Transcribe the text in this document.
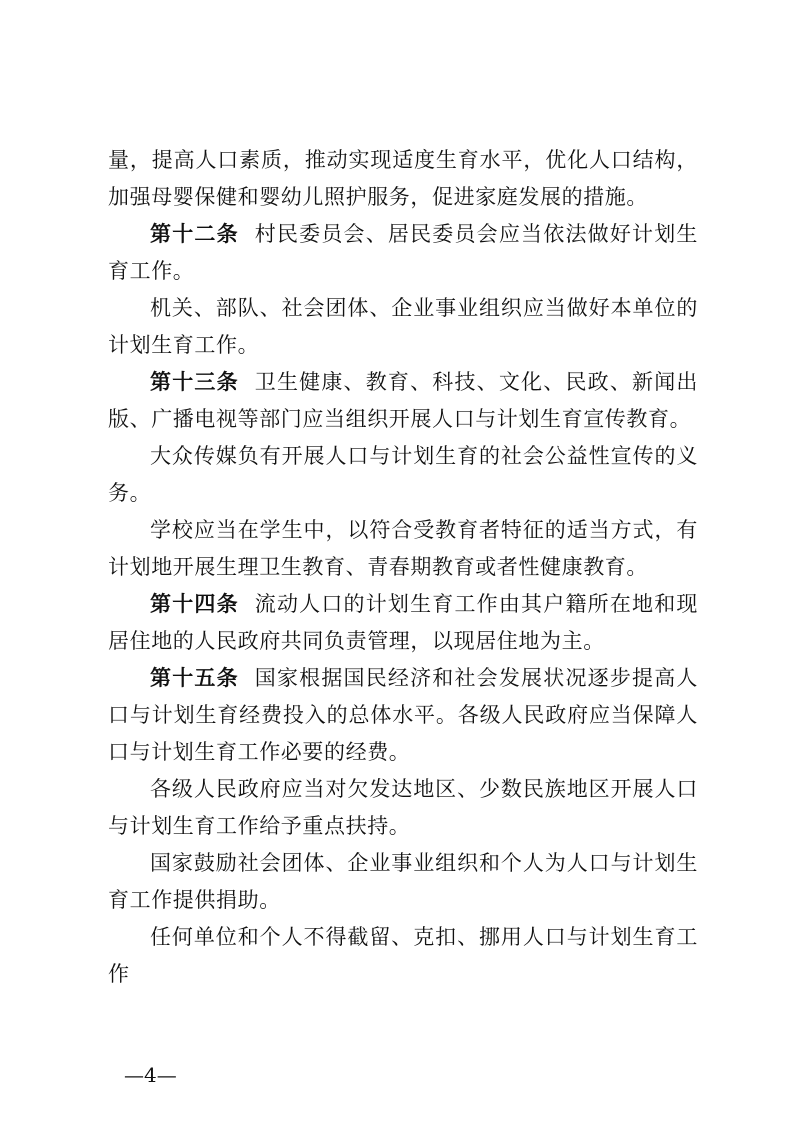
量，提高人口素质，推动实现适度生育水平，优化人口结构，加强母婴保健和婴幼儿照护服务，促进家庭发展的措施。

第十二条 村民委员会、居民委员会应当依法做好计划生育工作。

机关、部队、社会团体、企业事业组织应当做好本单位的计划生育工作。

第十三条 卫生健康、教育、科技、文化、民政、新闻出版、广播电视等部门应当组织开展人口与计划生育宣传教育。

大众传媒负有开展人口与计划生育的社会公益性宣传的义务。

学校应当在学生中，以符合受教育者特征的适当方式，有计划地开展生理卫生教育、青春期教育或者性健康教育。

第十四条 流动人口的计划生育工作由其户籍所在地和现居住地的人民政府共同负责管理，以现居住地为主。

第十五条 国家根据国民经济和社会发展状况逐步提高人口与计划生育经费投入的总体水平。各级人民政府应当保障人口与计划生育工作必要的经费。

各级人民政府应当对欠发达地区、少数民族地区开展人口与计划生育工作给予重点扶持。

国家鼓励社会团体、企业事业组织和个人为人口与计划生育工作提供捐助。

任何单位和个人不得截留、克扣、挪用人口与计划生育工作

—4—
